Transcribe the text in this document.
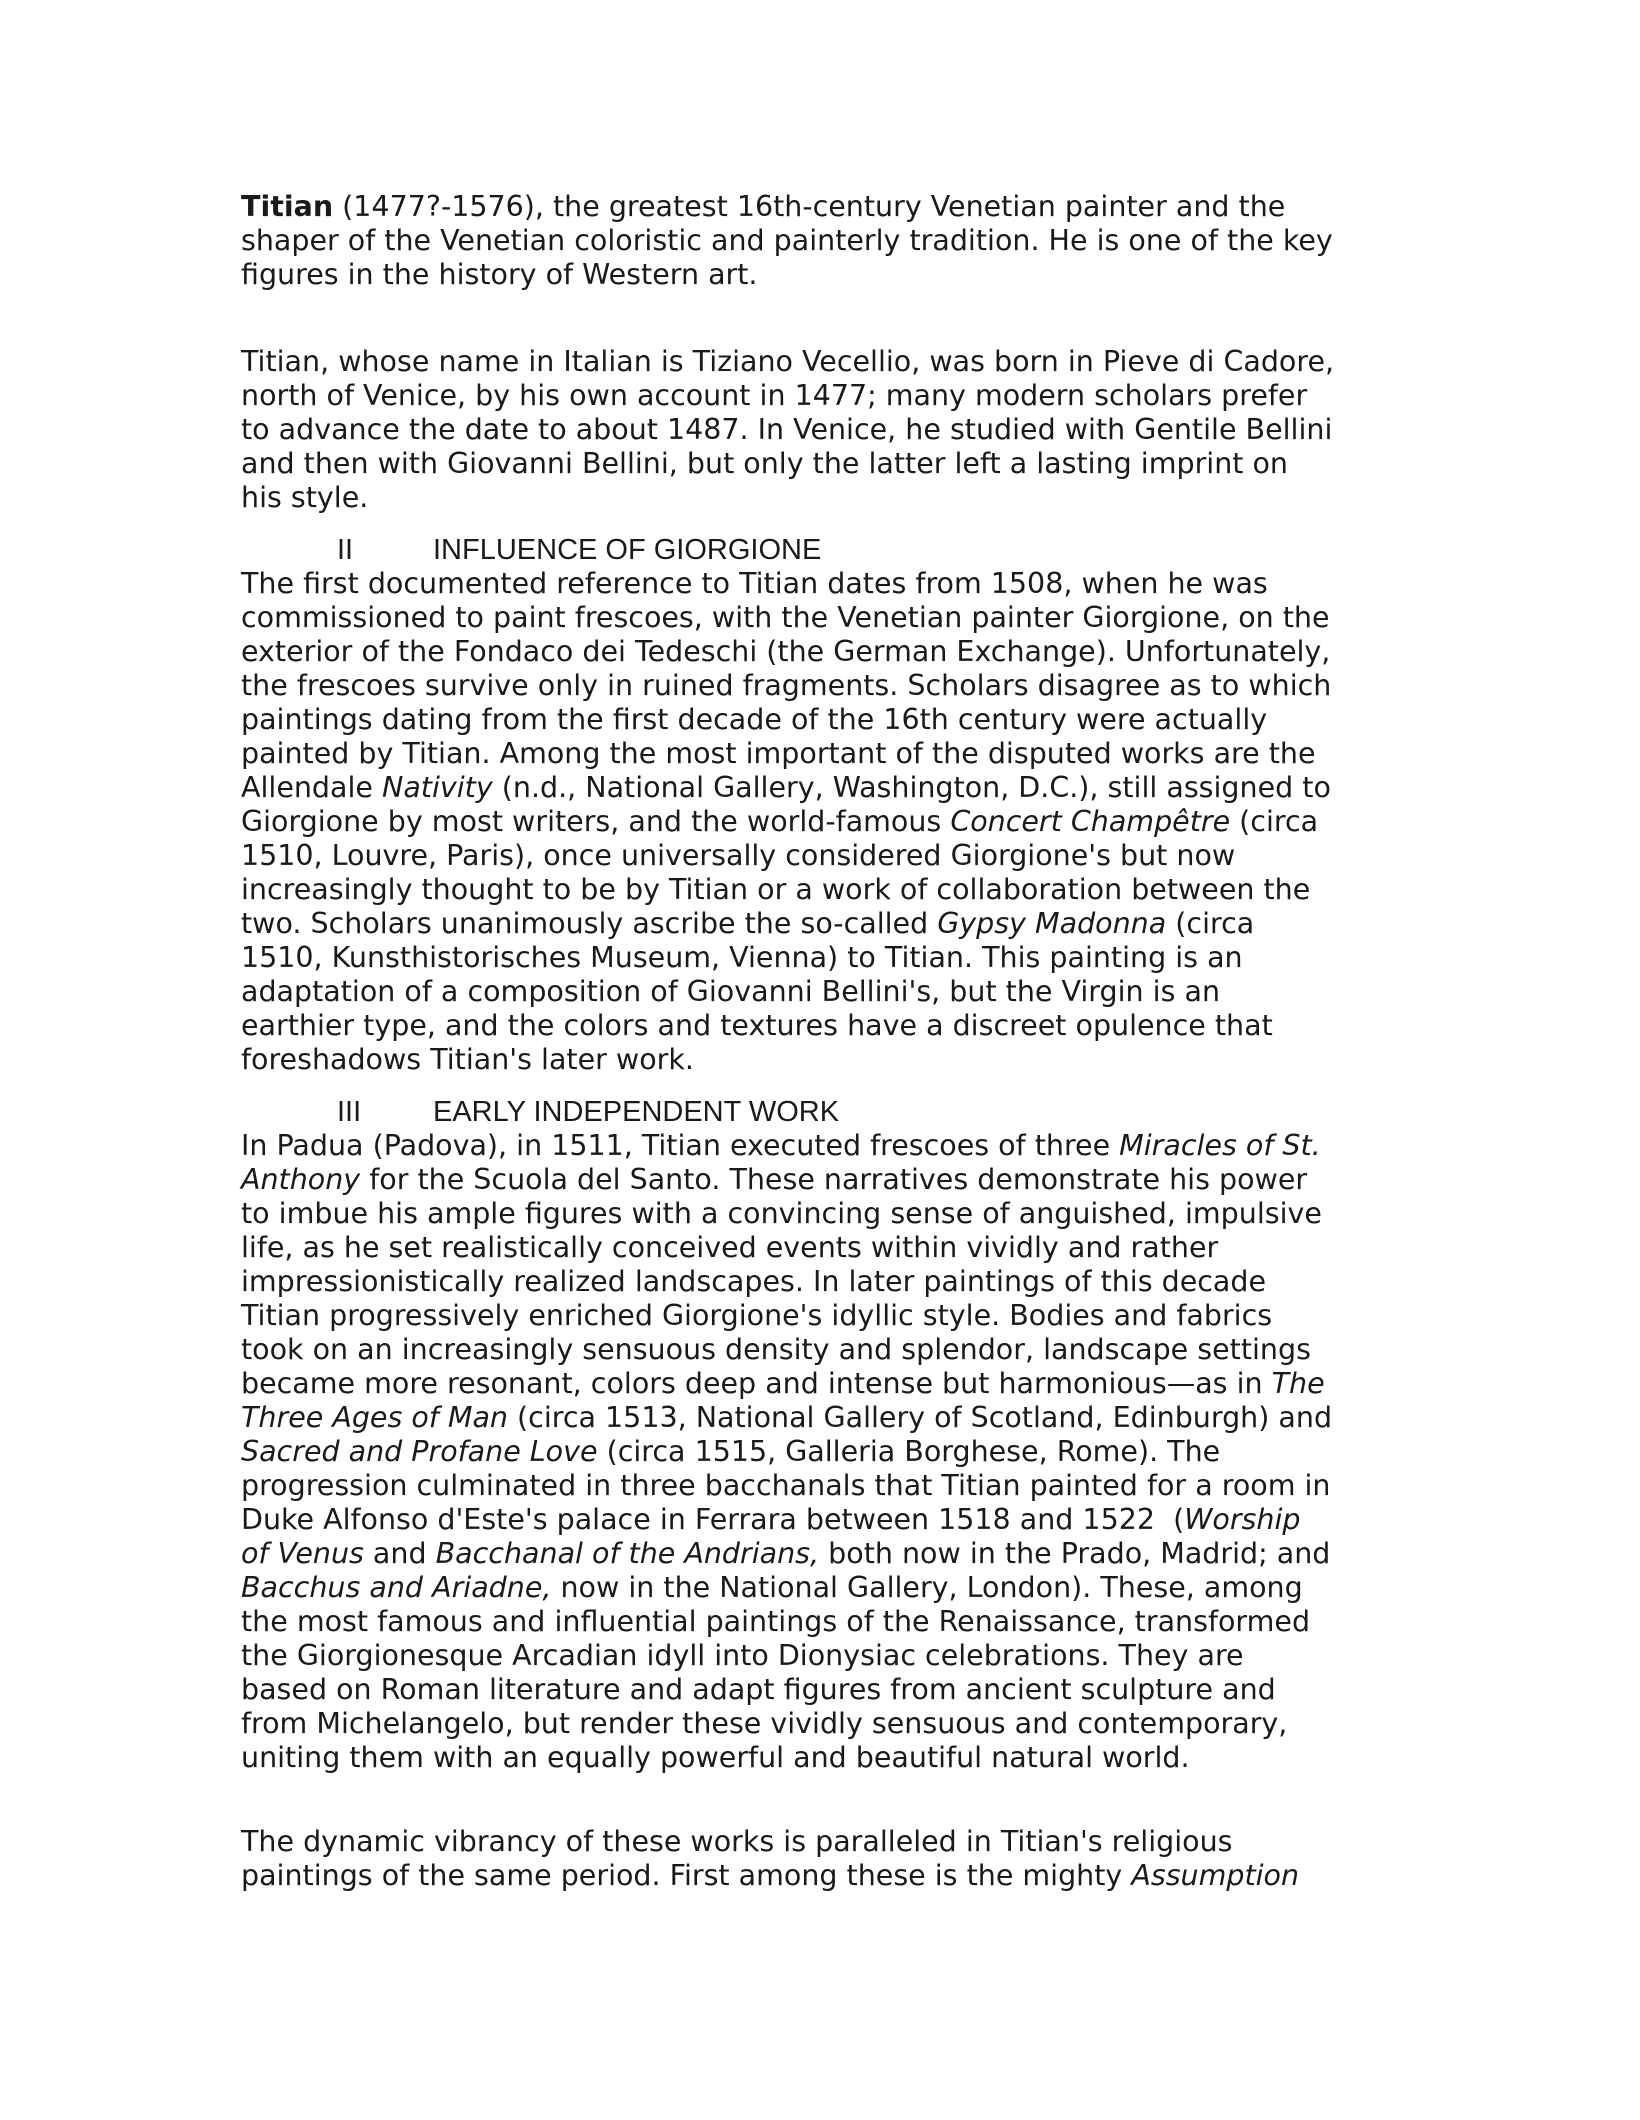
Titian (1477?-1576), the greatest 16th-century Venetian painter and the
shaper of the Venetian coloristic and painterly tradition. He is one of the key
figures in the history of Western art.
Titian, whose name in Italian is Tiziano Vecellio, was born in Pieve di Cadore,
north of Venice, by his own account in 1477; many modern scholars prefer
to advance the date to about 1487. In Venice, he studied with Gentile Bellini
and then with Giovanni Bellini, but only the latter left a lasting imprint on
his style.
II	INFLUENCE OF GIORGIONE
The first documented reference to Titian dates from 1508, when he was
commissioned to paint frescoes, with the Venetian painter Giorgione, on the
exterior of the Fondaco dei Tedeschi (the German Exchange). Unfortunately,
the frescoes survive only in ruined fragments. Scholars disagree as to which
paintings dating from the first decade of the 16th century were actually
painted by Titian. Among the most important of the disputed works are the
Allendale Nativity (n.d., National Gallery, Washington, D.C.), still assigned to
Giorgione by most writers, and the world-famous Concert Champêtre (circa
1510, Louvre, Paris), once universally considered Giorgione's but now
increasingly thought to be by Titian or a work of collaboration between the
two. Scholars unanimously ascribe the so-called Gypsy Madonna (circa
1510, Kunsthistorisches Museum, Vienna) to Titian. This painting is an
adaptation of a composition of Giovanni Bellini's, but the Virgin is an
earthier type, and the colors and textures have a discreet opulence that
foreshadows Titian's later work.
III EARLY INDEPENDENT WORK
In Padua (Padova), in 1511, Titian executed frescoes of three Miracles of St.
Anthony for the Scuola del Santo. These narratives demonstrate his power
to imbue his ample figures with a convincing sense of anguished, impulsive
life, as he set realistically conceived events within vividly and rather
impressionistically realized landscapes. In later paintings of this decade
Titian progressively enriched Giorgione's idyllic style. Bodies and fabrics
took on an increasingly sensuous density and splendor, landscape settings
became more resonant, colors deep and intense but harmonious—as in The
Three Ages of Man (circa 1513, National Gallery of Scotland, Edinburgh) and
Sacred and Profane Love (circa 1515, Galleria Borghese, Rome). The
progression culminated in three bacchanals that Titian painted for a room in
Duke Alfonso d'Este's palace in Ferrara between 1518 and 1522  (Worship
of Venus and Bacchanal of the Andrians, both now in the Prado, Madrid; and
Bacchus and Ariadne, now in the National Gallery, London). These, among
the most famous and influential paintings of the Renaissance, transformed
the Giorgionesque Arcadian idyll into Dionysiac celebrations. They are
based on Roman literature and adapt figures from ancient sculpture and
from Michelangelo, but render these vividly sensuous and contemporary,
uniting them with an equally powerful and beautiful natural world.
The dynamic vibrancy of these works is paralleled in Titian's religious
paintings of the same period. First among these is the mighty Assumption
